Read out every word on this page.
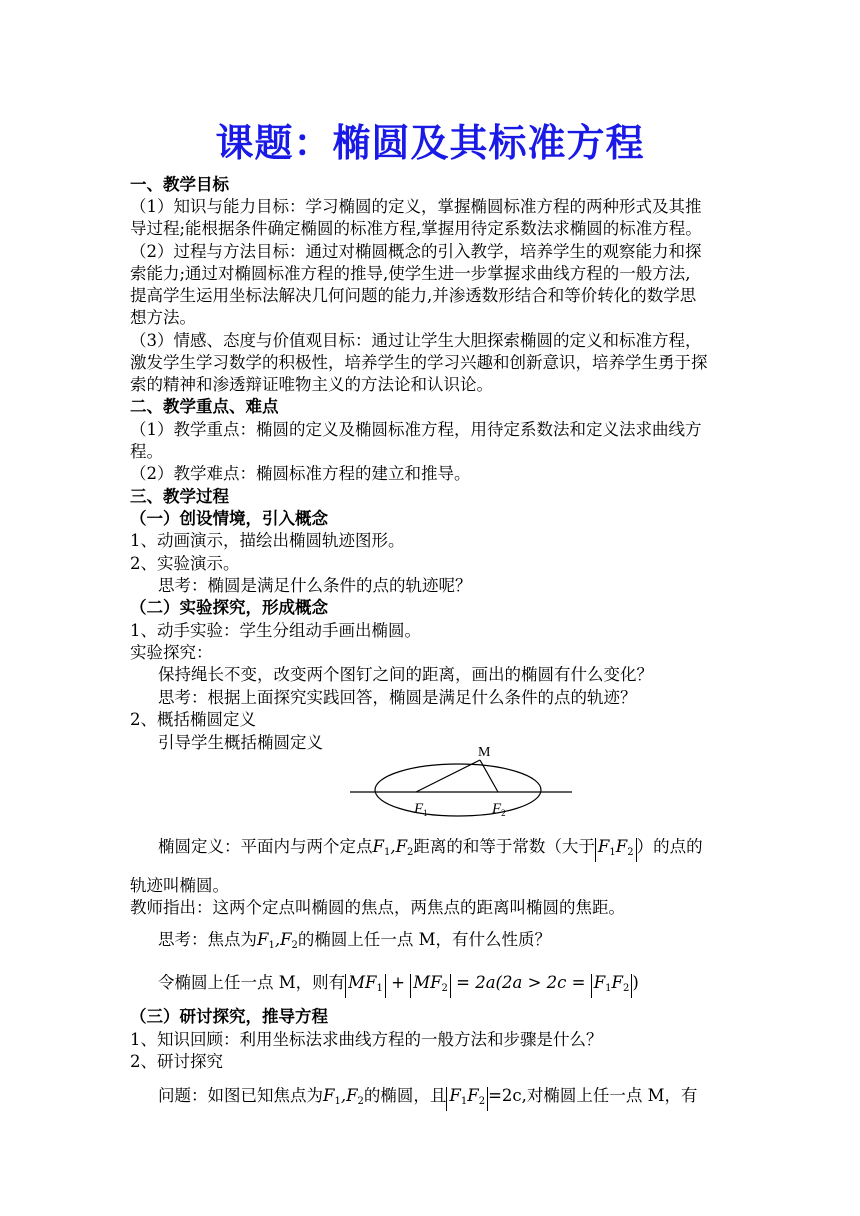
课题：椭圆及其标准方程
一、教学目标
（1）知识与能力目标：学习椭圆的定义，掌握椭圆标准方程的两种形式及其推
导过程;能根据条件确定椭圆的标准方程,掌握用待定系数法求椭圆的标准方程。
（2）过程与方法目标：通过对椭圆概念的引入教学，培养学生的观察能力和探
索能力;通过对椭圆标准方程的推导,使学生进一步掌握求曲线方程的一般方法,
提高学生运用坐标法解决几何问题的能力,并渗透数形结合和等价转化的数学思
想方法。
（3）情感、态度与价值观目标：通过让学生大胆探索椭圆的定义和标准方程，
激发学生学习数学的积极性，培养学生的学习兴趣和创新意识，培养学生勇于探
索的精神和渗透辩证唯物主义的方法论和认识论。
二、教学重点、难点
（1）教学重点：椭圆的定义及椭圆标准方程，用待定系数法和定义法求曲线方
程。
（2）教学难点：椭圆标准方程的建立和推导。
三、教学过程
（一）创设情境，引入概念
1、动画演示，描绘出椭圆轨迹图形。
2、实验演示。
思考：椭圆是满足什么条件的点的轨迹呢？
（二）实验探究，形成概念
1、动手实验：学生分组动手画出椭圆。
实验探究：
保持绳长不变，改变两个图钉之间的距离，画出的椭圆有什么变化？
思考：根据上面探究实践回答，椭圆是满足什么条件的点的轨迹？
2、概括椭圆定义
引导学生概括椭圆定义
M
$F_1$	$F_2$
椭圆定义：平面内与两个定点$F_1,F_2$距离的和等于常数（大于 $F_1F_2$ ）的点的
轨迹叫椭圆。
教师指出：这两个定点叫椭圆的焦点，两焦点的距离叫椭圆的焦距。
思考：焦点为$F_1,F_2$的椭圆上任一点 M，有什么性质？
令椭圆上任一点 M，则有 $MF_1 + MF_2 = 2a(2a > 2c = F_1F_2$ )
（三）研讨探究，推导方程
1、知识回顾：利用坐标法求曲线方程的一般方法和步骤是什么？
2、研讨探究
问题：如图已知焦点为$F_1,F_2$的椭圆，且 $F_1F_2 =2c$,对椭圆上任一点 M，有
